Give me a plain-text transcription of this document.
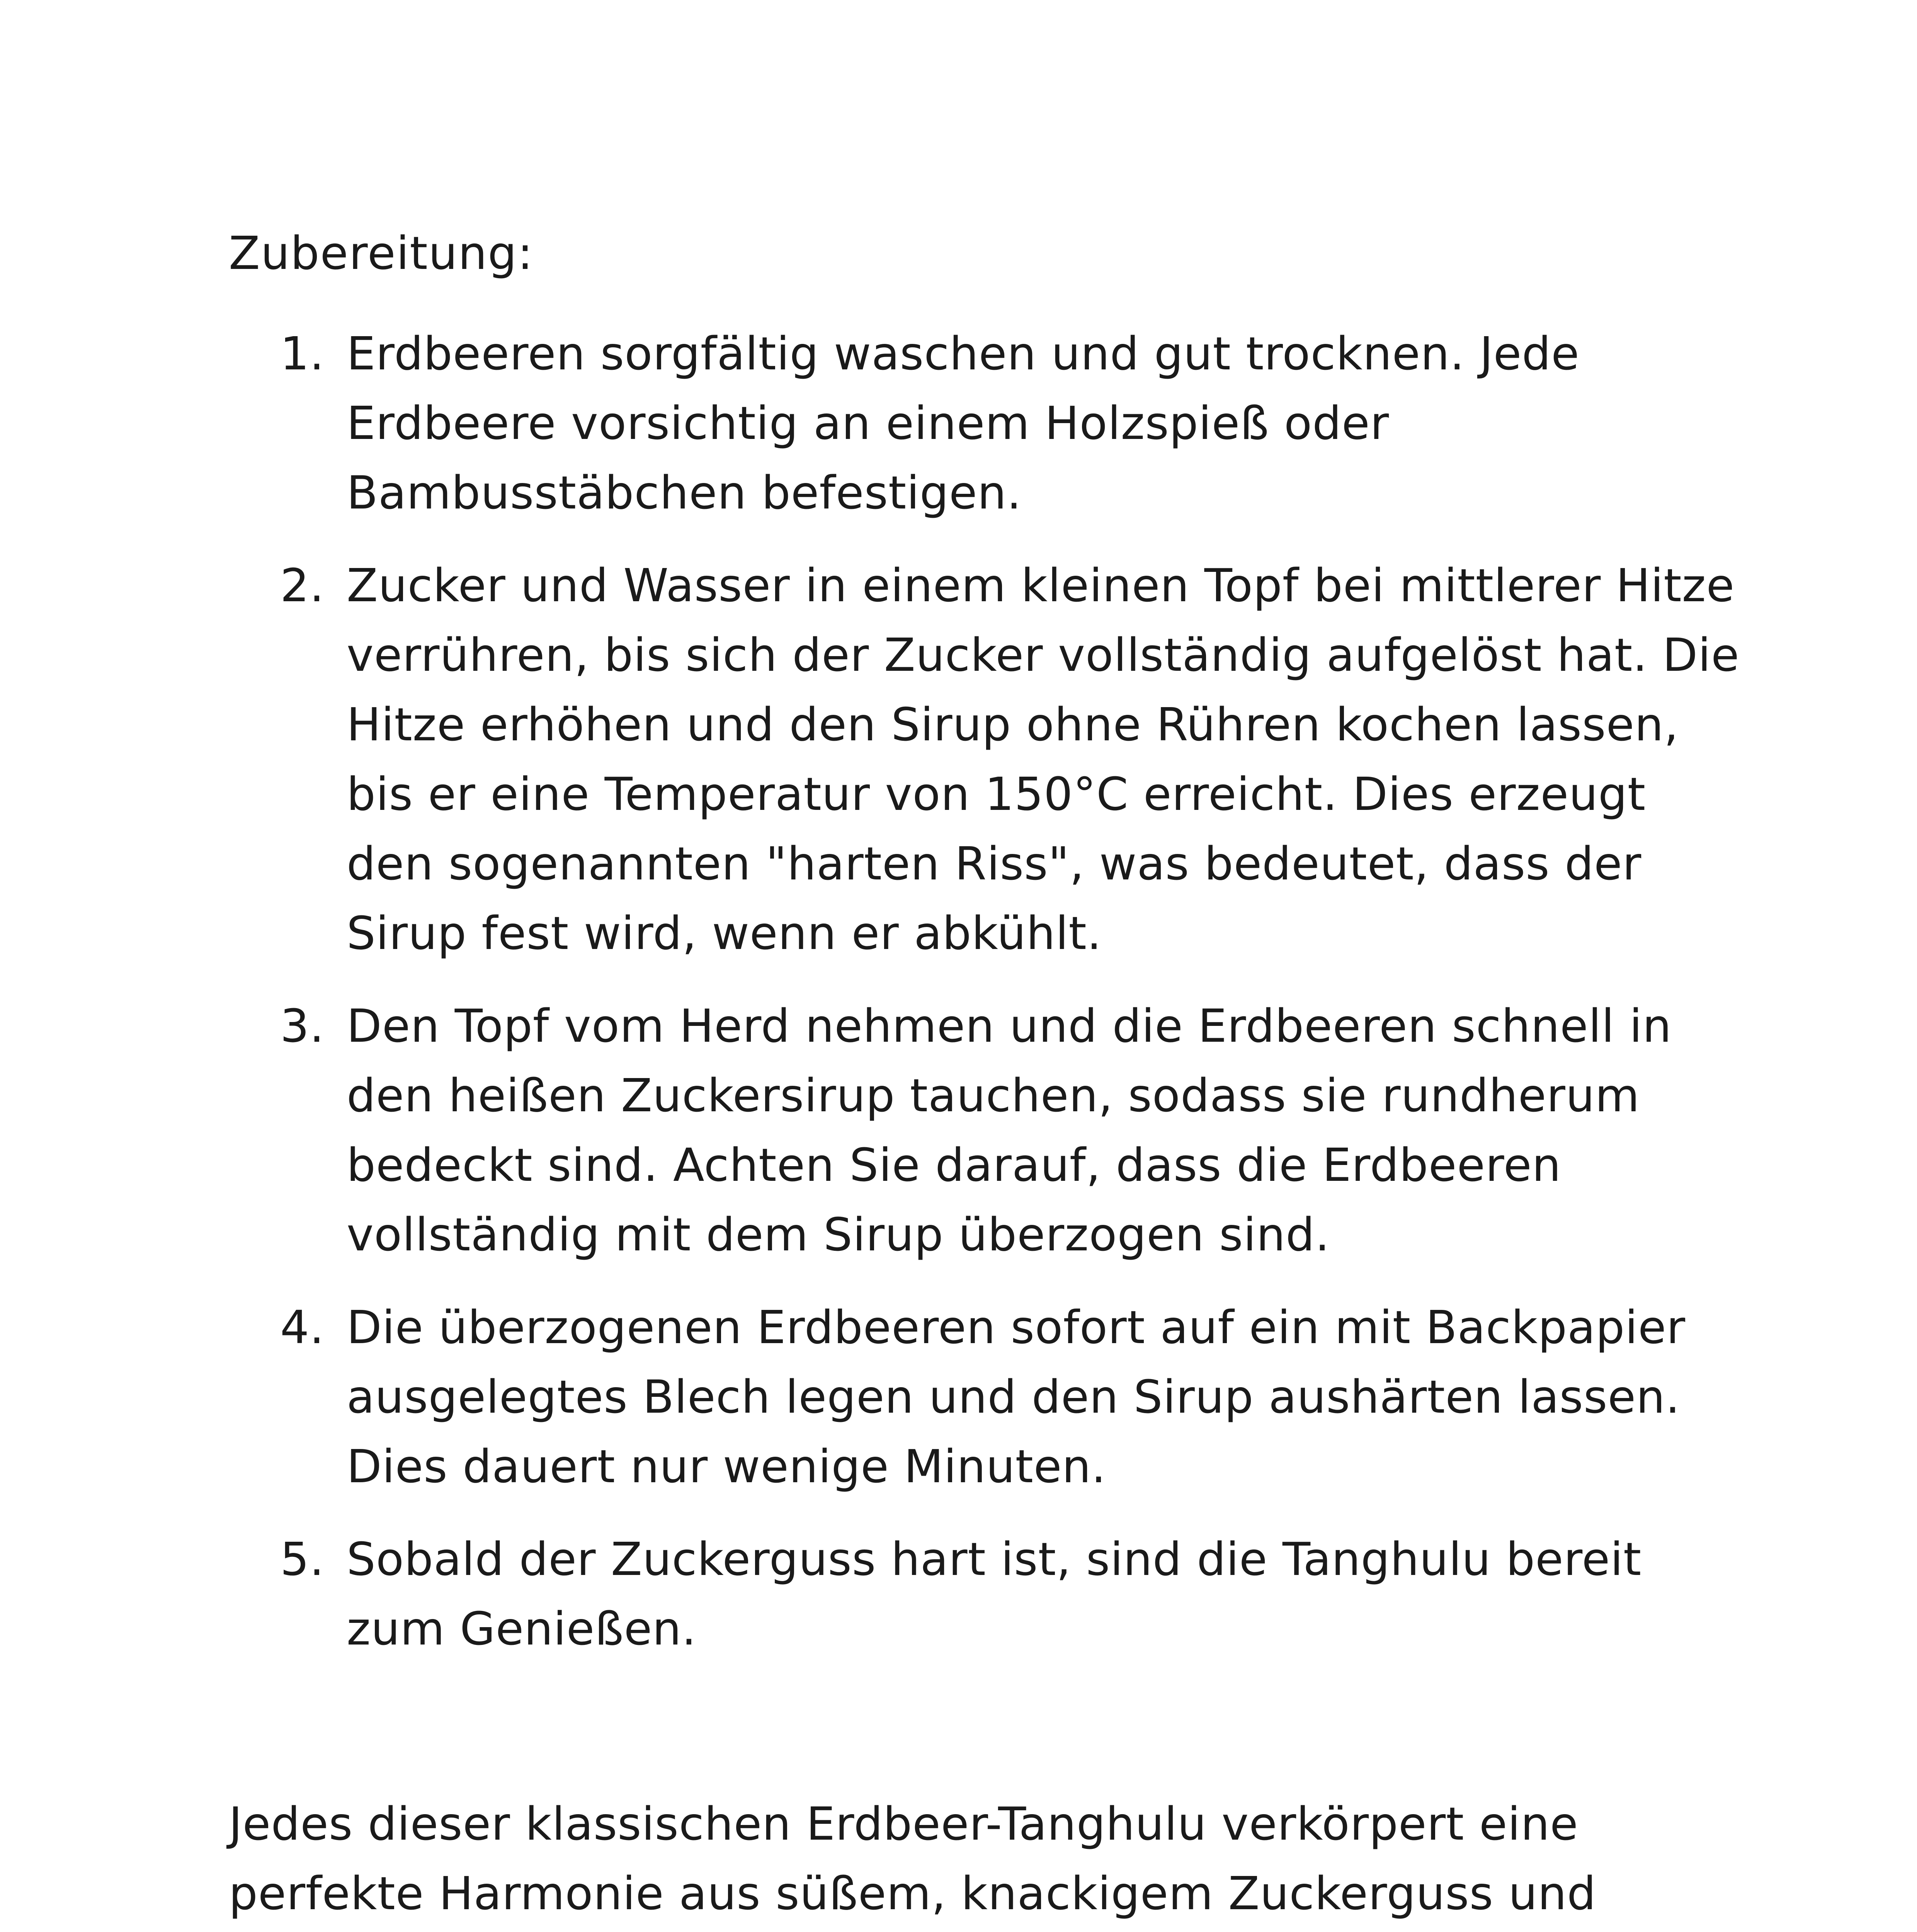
Zubereitung:
1. Erdbeeren sorgfältig waschen und gut trocknen. Jede Erdbeere vorsichtig an einem Holzspieß oder Bambusstäbchen befestigen.
2. Zucker und Wasser in einem kleinen Topf bei mittlerer Hitze verrühren, bis sich der Zucker vollständig aufgelöst hat. Die Hitze erhöhen und den Sirup ohne Rühren kochen lassen, bis er eine Temperatur von 150°C erreicht. Dies erzeugt den sogenannten "harten Riss", was bedeutet, dass der Sirup fest wird, wenn er abkühlt.
3. Den Topf vom Herd nehmen und die Erdbeeren schnell in den heißen Zuckersirup tauchen, sodass sie rundherum bedeckt sind. Achten Sie darauf, dass die Erdbeeren vollständig mit dem Sirup überzogen sind.
4. Die überzogenen Erdbeeren sofort auf ein mit Backpapier ausgelegtes Blech legen und den Sirup aushärten lassen. Dies dauert nur wenige Minuten.
5. Sobald der Zuckerguss hart ist, sind die Tanghulu bereit zum Genießen.

Jedes dieser klassischen Erdbeer-Tanghulu verkörpert eine perfekte Harmonie aus süßem, knackigem Zuckerguss und
